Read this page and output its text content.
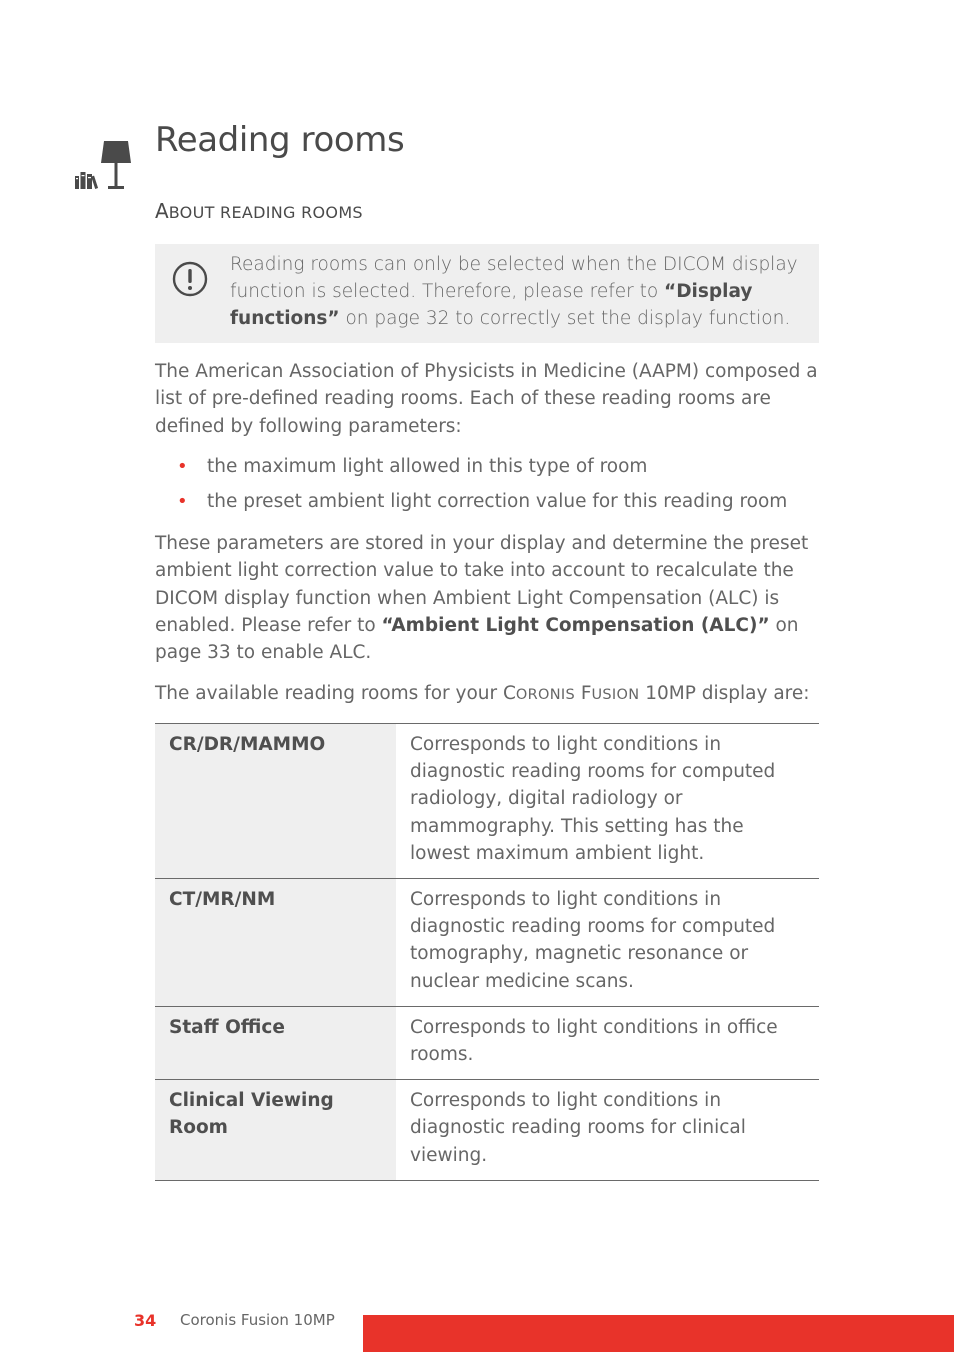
Reading rooms
ABOUT READING ROOMS
Reading rooms can only be selected when the DICOM display function is selected. Therefore, please refer to “Display functions” on page 32 to correctly set the display function.

The American Association of Physicists in Medicine (AAPM) composed a list of pre-defined reading rooms. Each of these reading rooms are defined by following parameters:

• the maximum light allowed in this type of room
• the preset ambient light correction value for this reading room

These parameters are stored in your display and determine the preset ambient light correction value to take into account to recalculate the DICOM display function when Ambient Light Compensation (ALC) is enabled. Please refer to “Ambient Light Compensation (ALC)” on page 33 to enable ALC.

The available reading rooms for your CORONIS FUSION 10MP display are:

CR/DR/MAMMO	Corresponds to light conditions in diagnostic reading rooms for computed radiology, digital radiology or mammography. This setting has the lowest maximum ambient light.
CT/MR/NM	Corresponds to light conditions in diagnostic reading rooms for computed tomography, magnetic resonance or nuclear medicine scans.
Staff Office	Corresponds to light conditions in office rooms.
Clinical Viewing Room	Corresponds to light conditions in diagnostic reading rooms for clinical viewing.
34 Coronis Fusion 10MP
